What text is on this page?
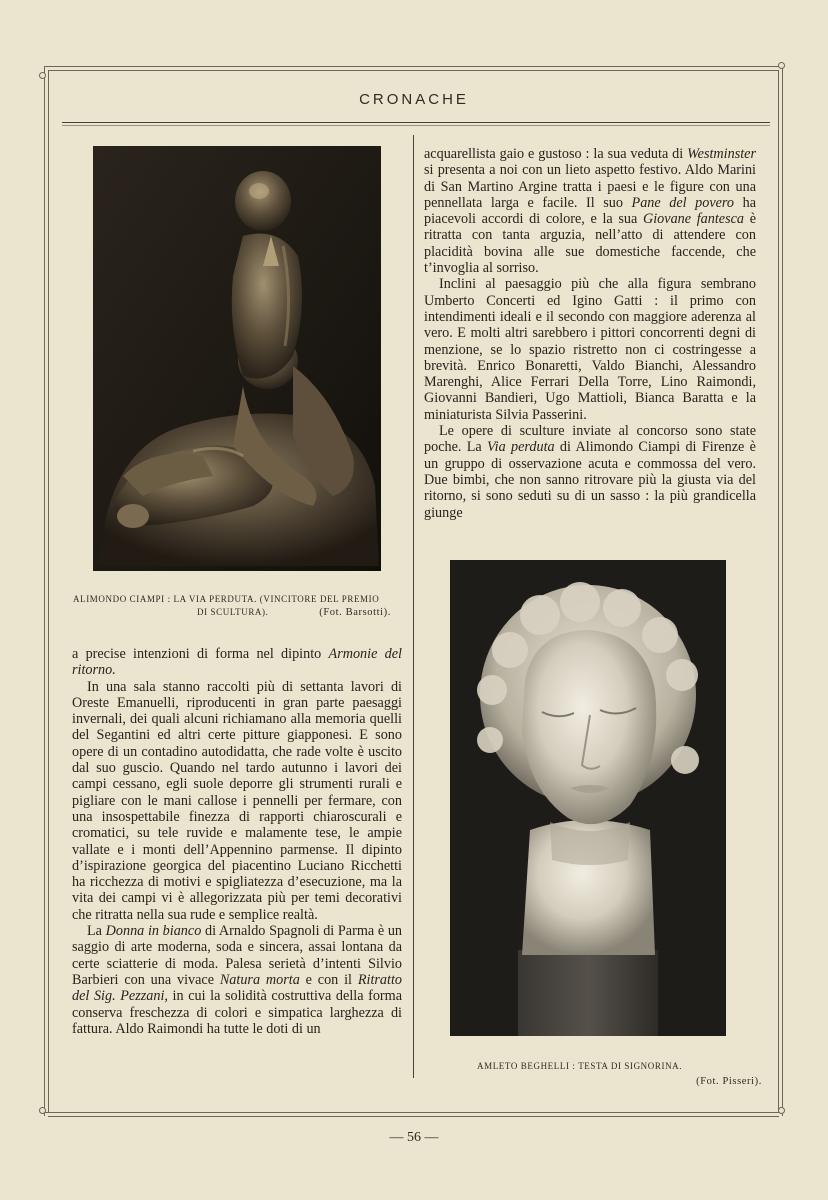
CRONACHE
ALIMONDO CIAMPI : LA VIA PERDUTA. (VINCITORE DEL PREMIO
DI SCULTURA).	(Fot. Barsotti).
AMLETO BEGHELLI : TESTA DI SIGNORINA.
(Fot. Pisseri).

acquarellista gaio e gustoso : la sua veduta di Westminster si presenta a noi con un lieto aspetto festivo. Aldo Marini di San Martino Argine tratta i paesi e le figure con una pennellata larga e facile. Il suo Pane del povero ha piacevoli accordi di colore, e la sua Giovane fantesca è ritratta con tanta arguzia, nell’atto di attendere con placidità bovina alle sue domestiche faccende, che t’invoglia al sorriso.

Inclini al paesaggio più che alla figura sembrano Umberto Concerti ed Igino Gatti : il primo con intendimenti ideali e il secondo con maggiore aderenza al vero. E molti altri sarebbero i pittori concorrenti degni di menzione, se lo spazio ristretto non ci costringesse a brevità. Enrico Bonaretti, Valdo Bianchi, Alessandro Marenghi, Alice Ferrari Della Torre, Lino Raimondi, Giovanni Bandieri, Ugo Mattioli, Bianca Baratta e la miniaturista Silvia Passerini.

Le opere di sculture inviate al concorso sono state poche. La Via perduta di Alimondo Ciampi di Firenze è un gruppo di osservazione acuta e commossa del vero. Due bimbi, che non sanno ritrovare più la giusta via del ritorno, si sono seduti su di un sasso : la più grandicella giunge

a precise intenzioni di forma nel dipinto Armonie del ritorno.

In una sala stanno raccolti più di settanta lavori di Oreste Emanuelli, riproducenti in gran parte paesaggi invernali, dei quali alcuni richiamano alla memoria quelli del Segantini ed altri certe pitture giapponesi. E sono opere di un contadino autodidatta, che rade volte è uscito dal suo guscio. Quando nel tardo autunno i lavori dei campi cessano, egli suole deporre gli strumenti rurali e pigliare con le mani callose i pennelli per fermare, con una insospettabile finezza di rapporti chiaroscurali e cromatici, su tele ruvide e malamente tese, le ampie vallate e i monti dell’Appennino parmense. Il dipinto d’ispirazione georgica del piacentino Luciano Ricchetti ha ricchezza di motivi e spigliatezza d’esecuzione, ma la vita dei campi vi è allegorizzata più per temi decorativi che ritratta nella sua rude e semplice realtà.

La Donna in bianco di Arnaldo Spagnoli di Parma è un saggio di arte moderna, soda e sincera, assai lontana da certe sciatterie di moda. Palesa serietà d’intenti Silvio Barbieri con una vivace Natura morta e con il Ritratto del Sig. Pezzani, in cui la solidità costruttiva della forma conserva freschezza di colori e simpatica larghezza di fattura. Aldo Raimondi ha tutte le doti di un

— 56 —
